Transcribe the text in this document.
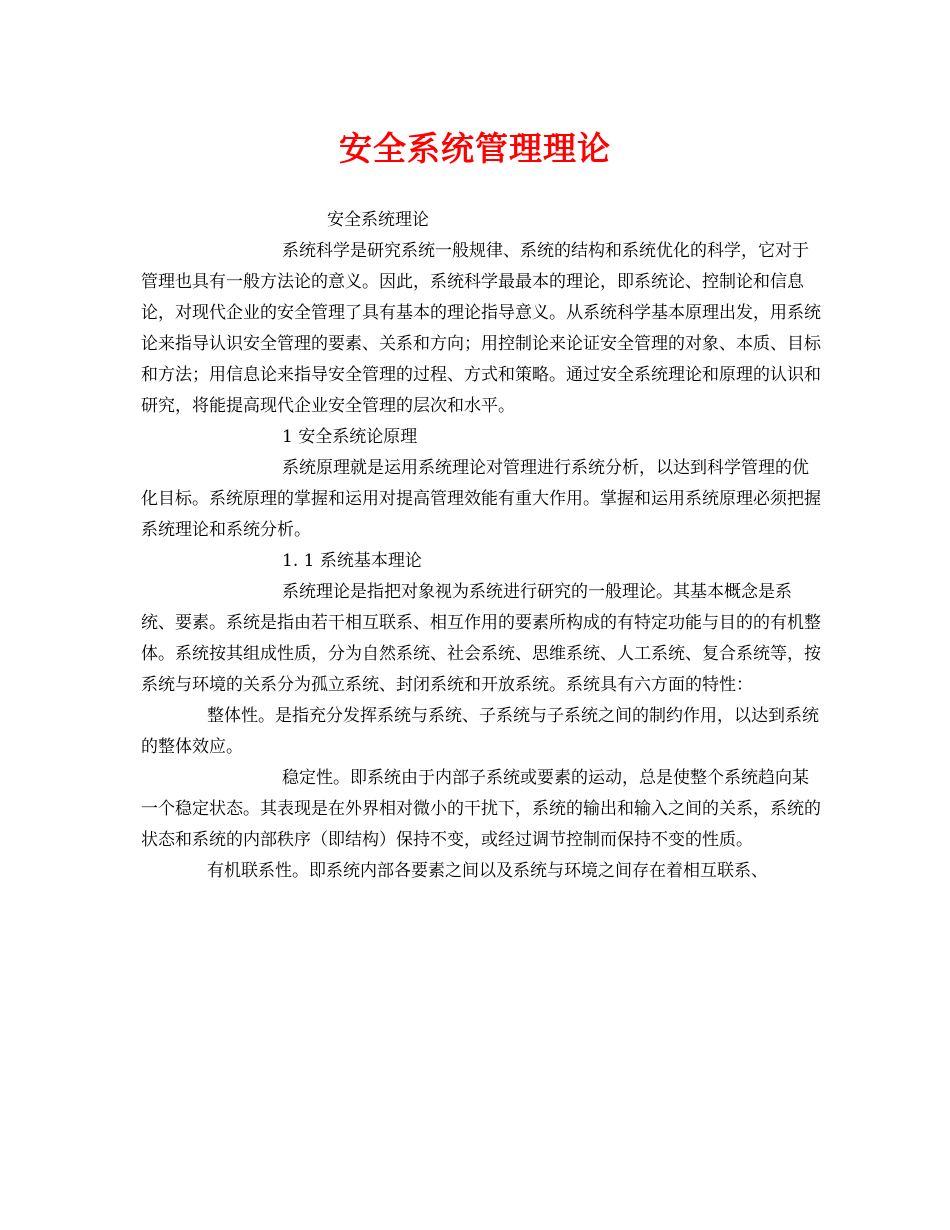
安全系统管理理论

安全系统理论

系统科学是研究系统一般规律、系统的结构和系统优化的科学，它对于管理也具有一般方法论的意义。因此，系统科学最最本的理论，即系统论、控制论和信息论，对现代企业的安全管理了具有基本的理论指导意义。从系统科学基本原理出发，用系统论来指导认识安全管理的要素、关系和方向；用控制论来论证安全管理的对象、本质、目标和方法；用信息论来指导安全管理的过程、方式和策略。通过安全系统理论和原理的认识和研究，将能提高现代企业安全管理的层次和水平。

1 安全系统论原理

系统原理就是运用系统理论对管理进行系统分析，以达到科学管理的优化目标。系统原理的掌握和运用对提高管理效能有重大作用。掌握和运用系统原理必须把握系统理论和系统分析。

1. 1 系统基本理论

系统理论是指把对象视为系统进行研究的一般理论。其基本概念是系统、要素。系统是指由若干相互联系、相互作用的要素所构成的有特定功能与目的的有机整体。系统按其组成性质，分为自然系统、社会系统、思维系统、人工系统、复合系统等，按系统与环境的关系分为孤立系统、封闭系统和开放系统。系统具有六方面的特性：

整体性。是指充分发挥系统与系统、子系统与子系统之间的制约作用，以达到系统的整体效应。

稳定性。即系统由于内部子系统或要素的运动，总是使整个系统趋向某一个稳定状态。其表现是在外界相对微小的干扰下，系统的输出和输入之间的关系，系统的状态和系统的内部秩序（即结构）保持不变，或经过调节控制而保持不变的性质。

有机联系性。即系统内部各要素之间以及系统与环境之间存在着相互联系、
